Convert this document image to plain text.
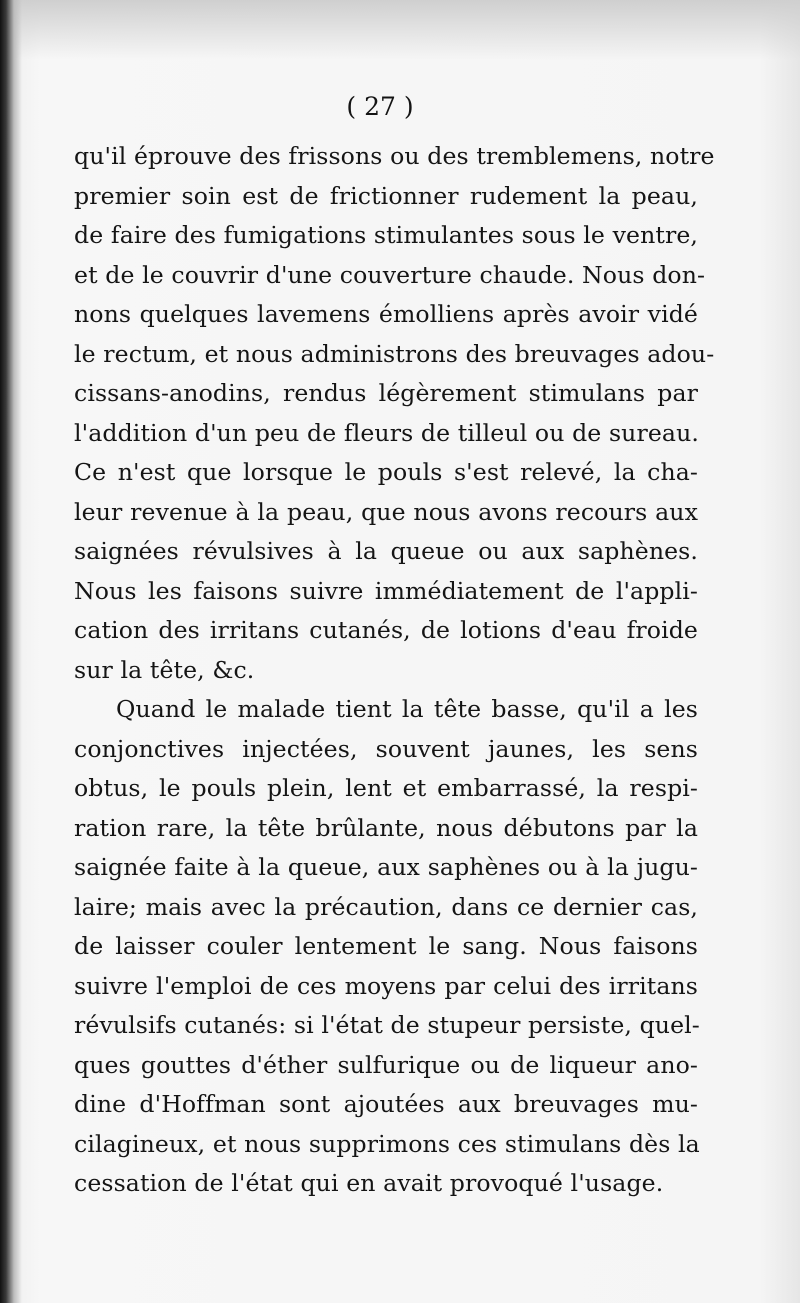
( 27 )
qu'il éprouve des frissons ou des tremblemens, notre
premier soin est de frictionner rudement la peau,
de faire des fumigations stimulantes sous le ventre,
et de le couvrir d'une couverture chaude. Nous don-
nons quelques lavemens émolliens après avoir vidé
le rectum, et nous administrons des breuvages adou-
cissans-anodins, rendus légèrement stimulans par
l'addition d'un peu de fleurs de tilleul ou de sureau.
Ce n'est que lorsque le pouls s'est relevé, la cha-
leur revenue à la peau, que nous avons recours aux
saignées révulsives à la queue ou aux saphènes.
Nous les faisons suivre immédiatement de l'appli-
cation des irritans cutanés, de lotions d'eau froide
sur la tête, &c.
Quand le malade tient la tête basse, qu'il a les
conjonctives injectées, souvent jaunes, les sens
obtus, le pouls plein, lent et embarrassé, la respi-
ration rare, la tête brûlante, nous débutons par la
saignée faite à la queue, aux saphènes ou à la jugu-
laire; mais avec la précaution, dans ce dernier cas,
de laisser couler lentement le sang. Nous faisons
suivre l'emploi de ces moyens par celui des irritans
révulsifs cutanés: si l'état de stupeur persiste, quel-
ques gouttes d'éther sulfurique ou de liqueur ano-
dine d'Hoffman sont ajoutées aux breuvages mu-
cilagineux, et nous supprimons ces stimulans dès la
cessation de l'état qui en avait provoqué l'usage.
